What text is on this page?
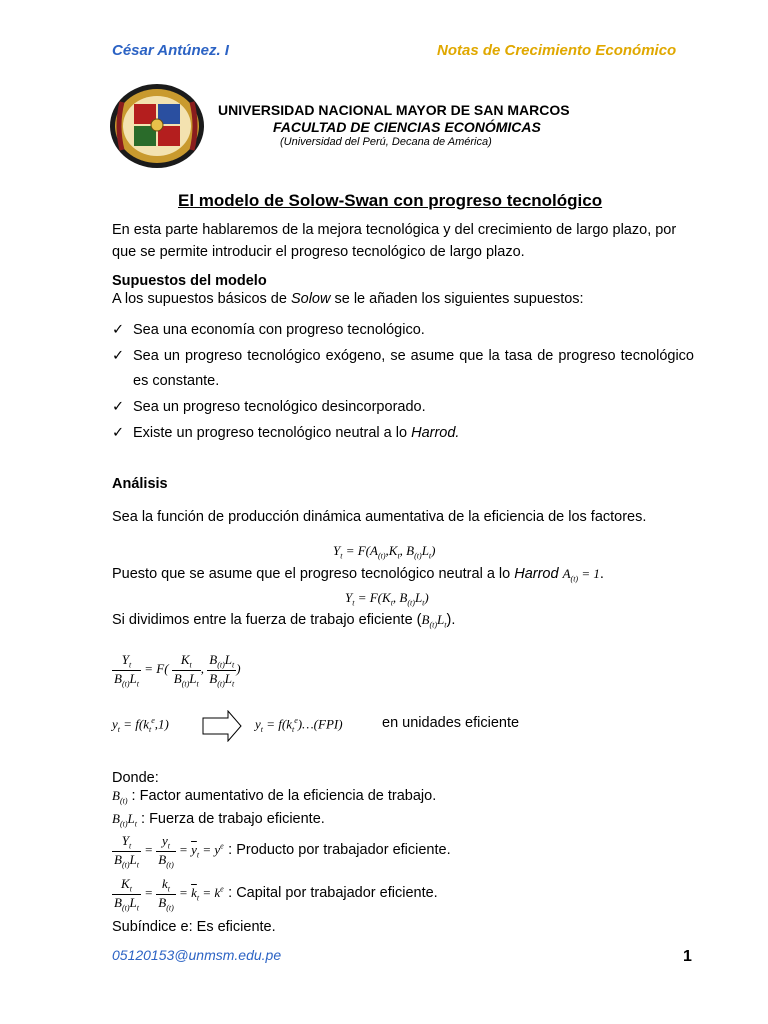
César Antúnez. I	Notas de Crecimiento Económico
UNIVERSIDAD NACIONAL MAYOR DE SAN MARCOS
FACULTAD DE CIENCIAS ECONÓMICAS
(Universidad del Perú, Decana de América)
El modelo de Solow-Swan con progreso tecnológico
En esta parte hablaremos de la mejora tecnológica y del crecimiento de largo plazo, por que se permite introducir el progreso tecnológico de largo plazo.
Supuestos del modelo
A los supuestos básicos de Solow se le añaden los siguientes supuestos:
✓ Sea una economía con progreso tecnológico.
✓ Sea un progreso tecnológico exógeno, se asume que la tasa de progreso tecnológico es constante.
✓ Sea un progreso tecnológico desincorporado.
✓ Existe un progreso tecnológico neutral a lo Harrod.
Análisis
Sea la función de producción dinámica aumentativa de la eficiencia de los factores.
$Y_t = F(A_{(t)},K_t$, $B_{(t)}L_t$)
Puesto que se asume que el progreso tecnológico neutral a lo Harrod $A_{(t)} = 1$.
$Y_t = F(K_t$, $B_{(t)}L_t$)
Si dividimos entre la fuerza de trabajo eficiente $(B_{(t)}L_t)$.
$\frac{Y_t}{B_{(t)}L_t} = F( \frac{K_t}{B_{(t)}L_t}$ , $\frac{B_{(t)}L_t}{B_{(t)}L_t}$ )
$y_t = f(k_t^e,1)$	$y_t$ = $f(k_t^e)\dots(FPI)$	en unidades eficiente
Donde:
$B_{(t)}$ : Factor aumentativo de la eficiencia de trabajo.
$B_{(t)}L_t$ : Fuerza de trabajo eficiente.
$\frac{Y_t}{B_{(t)}L_t} = \frac{y_t}{B_{(t)}} = \overline{y}_t = y^e$ : Producto por trabajador eficiente.
$\frac{K_t}{B_{(t)}L_t} = \frac{k_t}{B_{(t)}} = \overline{k}_t = k^e$ : Capital por trabajador eficiente.
Subíndice e: Es eficiente.
05120153@unmsm.edu.pe	1
